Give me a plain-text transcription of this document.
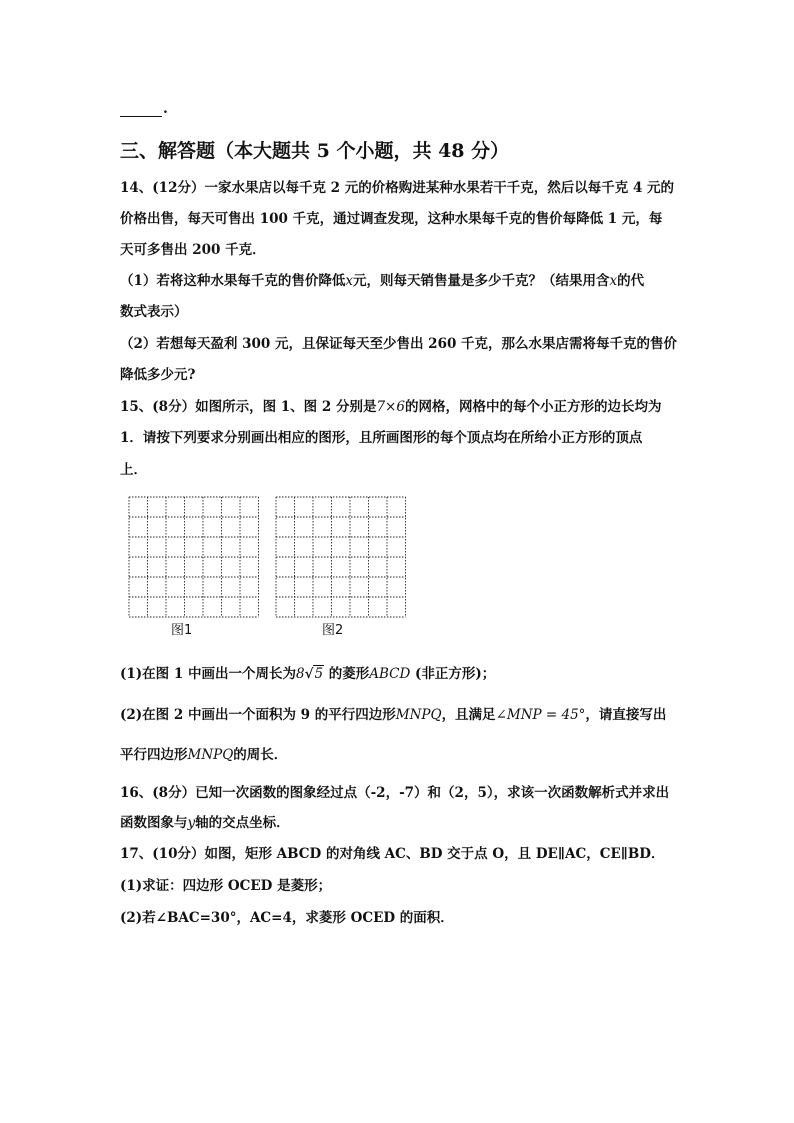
.
三、解答题（本大题共 5 个小题，共 48 分）
14、(12分）一家水果店以每千克 2 元的价格购进某种水果若干千克，然后以每千克 4 元的
价格出售，每天可售出 100 千克，通过调查发现，这种水果每千克的售价每降低 1 元，每
天可多售出 200 千克．
（1）若将这种水果每千克的售价降低x元，则每天销售量是多少千克？（结果用含x的代
数式表示）
（2）若想每天盈利 300 元，且保证每天至少售出 260 千克，那么水果店需将每千克的售价
降低多少元?
15、(8分）如图所示，图 1、图 2 分别是7×6的网格，网格中的每个小正方形的边长均为
1．请按下列要求分别画出相应的图形，且所画图形的每个顶点均在所给小正方形的顶点
上．
图1	图2
(1)在图 1 中画出一个周长为8√5 的菱形ABCD (非正方形)；
(2)在图 2 中画出一个面积为 9 的平行四边形MNPQ，且满足∠MNP = 45°，请直接写出
平行四边形MNPQ的周长．
16、(8分）已知一次函数的图象经过点（-2，-7）和（2，5），求该一次函数解析式并求出
函数图象与y轴的交点坐标．
17、(10分）如图，矩形 ABCD 的对角线 AC、BD 交于点 O，且 DE∥AC，CE∥BD．
(1)求证：四边形 OCED 是菱形；
(2)若∠BAC=30°，AC=4，求菱形 OCED 的面积．
